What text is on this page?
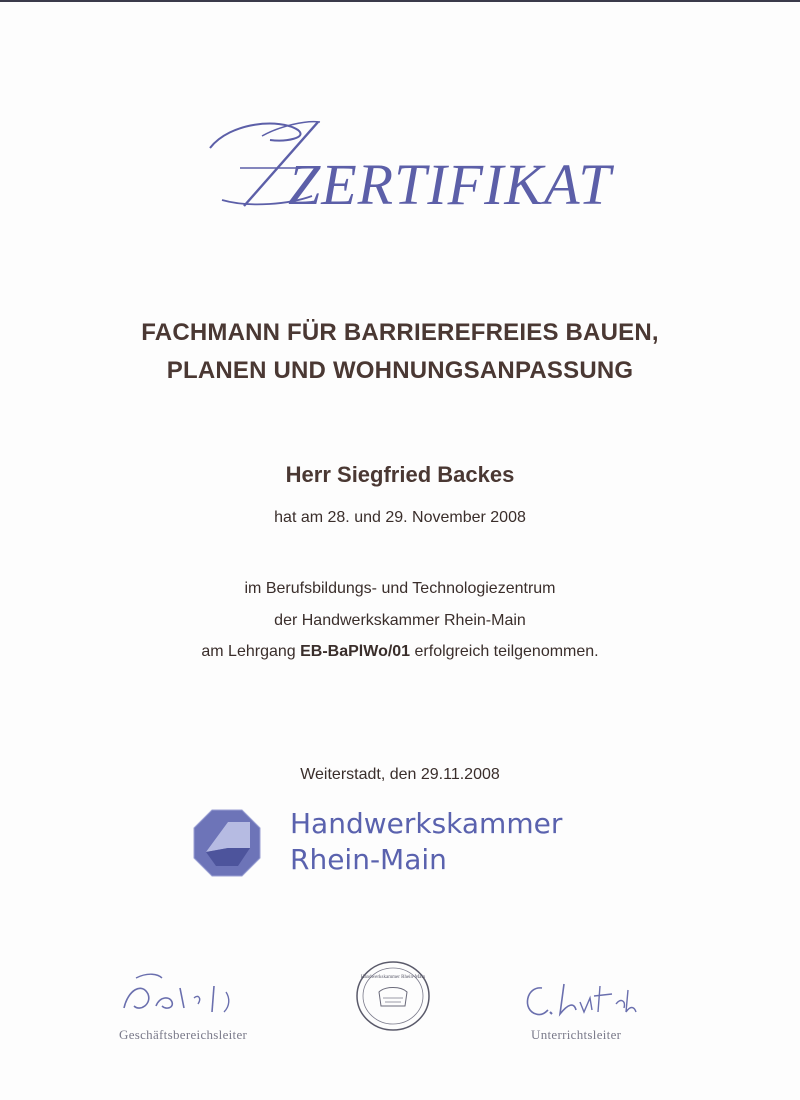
ZERTIFIKAT
FACHMANN FÜR BARRIEREFREIES BAUEN,
PLANEN UND WOHNUNGSANPASSUNG
Herr Siegfried Backes
hat am 28. und 29. November 2008
im Berufsbildungs- und Technologiezentrum
der Handwerkskammer Rhein-Main
am Lehrgang EB-BaPlWo/01 erfolgreich teilgenommen.
Weiterstadt, den 29.11.2008
Handwerkskammer
Rhein-Main
Geschäftsbereichsleiter
Handwerkskammer Rhein-Main
Unterrichtsleiter
